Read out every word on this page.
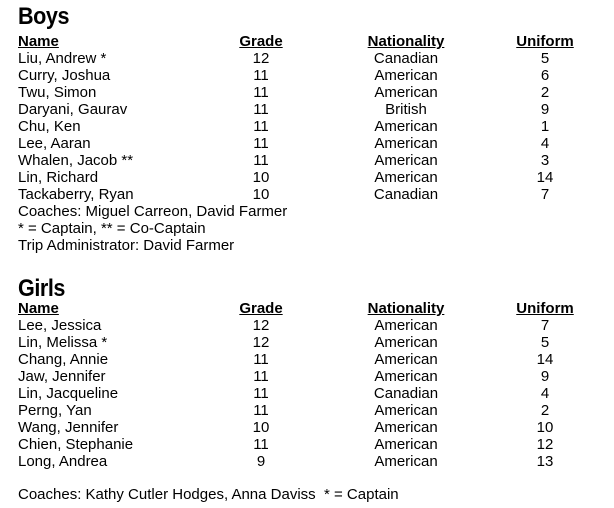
Boys
Name	Grade	Nationality	Uniform
Liu, Andrew *	12	Canadian	5
Curry, Joshua	11	American	6
Twu, Simon	11	American	2
Daryani, Gaurav	11	British	9
Chu, Ken	11	American	1
Lee, Aaran	11	American	4
Whalen, Jacob **	11	American	3
Lin, Richard	10	American	14
Tackaberry, Ryan	10	Canadian	7
Coaches: Miguel Carreon, David Farmer
* = Captain, ** = Co-Captain
Trip Administrator: David Farmer
Girls
Name	Grade	Nationality	Uniform
Lee, Jessica	12	American	7
Lin, Melissa *	12	American	5
Chang, Annie	11	American	14
Jaw, Jennifer	11	American	9
Lin, Jacqueline	11	Canadian	4
Perng, Yan	11	American	2
Wang, Jennifer	10	American	10
Chien, Stephanie	11	American	12
Long, Andrea	9	American	13
Coaches: Kathy Cutler Hodges, Anna Daviss  * = Captain
